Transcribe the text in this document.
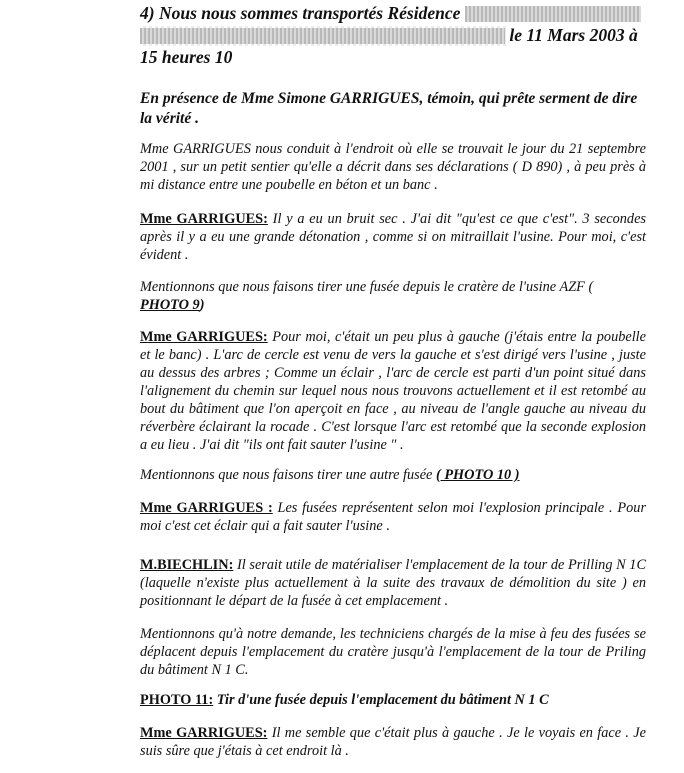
4) Nous nous sommes transportés Résidence
le 11 Mars 2003 à
15 heures 10

En présence de Mme Simone GARRIGUES, témoin, qui prête serment de dire la vérité .

Mme GARRIGUES nous conduit à l'endroit où elle se trouvait le jour du 21 septembre 2001 , sur un petit sentier qu'elle a décrit dans ses déclarations ( D 890) , à peu près à mi distance entre une poubelle en béton et un banc .

Mme GARRIGUES: Il y a eu un bruit sec . J'ai dit "qu'est ce que c'est". 3 secondes après il y a eu une grande détonation , comme si on mitraillait l'usine. Pour moi, c'est évident .

Mentionnons que nous faisons tirer une fusée depuis le cratère de l'usine AZF (
PHOTO 9)

Mme GARRIGUES: Pour moi, c'était un peu plus à gauche (j'étais entre la poubelle et le banc) . L'arc de cercle est venu de vers la gauche et s'est dirigé vers l'usine , juste au dessus des arbres ; Comme un éclair , l'arc de cercle est parti d'un point situé dans l'alignement du chemin sur lequel nous nous trouvons actuellement et il est retombé au bout du bâtiment que l'on aperçoit en face , au niveau de l'angle gauche au niveau du réverbère éclairant la rocade . C'est lorsque l'arc est retombé que la seconde explosion a eu lieu . J'ai dit "ils ont fait sauter l'usine " .

Mentionnons que nous faisons tirer une autre fusée ( PHOTO 10 )

Mme GARRIGUES : Les fusées représentent selon moi l'explosion principale . Pour moi c'est cet éclair qui a fait sauter l'usine .

M.BIECHLIN: Il serait utile de matérialiser l'emplacement de la tour de Prilling N 1C (laquelle n'existe plus actuellement à la suite des travaux de démolition du site ) en positionnant le départ de la fusée à cet emplacement .

Mentionnons qu'à notre demande, les techniciens chargés de la mise à feu des fusées se déplacent depuis l'emplacement du cratère jusqu'à l'emplacement de la tour de Priling du bâtiment N 1 C.

PHOTO 11: Tir d'une fusée depuis l'emplacement du bâtiment N 1 C

Mme GARRIGUES: Il me semble que c'était plus à gauche . Je le voyais en face . Je suis sûre que j'étais à cet endroit là .
